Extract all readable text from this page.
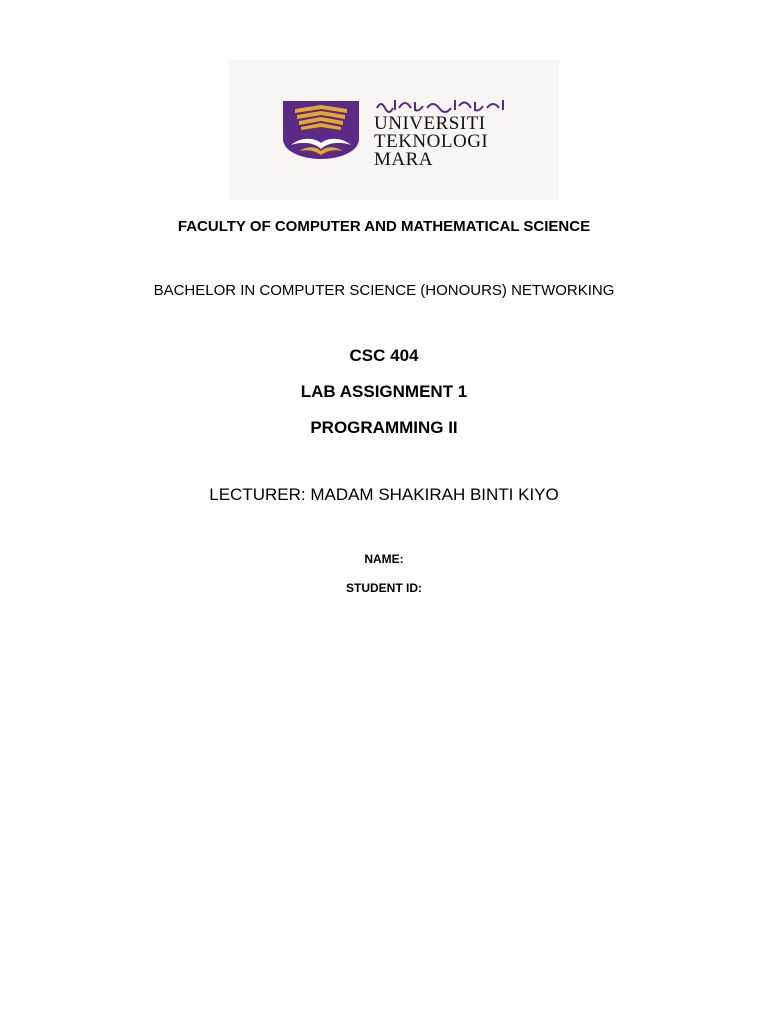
UNIVERSITI
TEKNOLOGI
MARA
FACULTY OF COMPUTER AND MATHEMATICAL SCIENCE
BACHELOR IN COMPUTER SCIENCE (HONOURS) NETWORKING
CSC 404
LAB ASSIGNMENT 1
PROGRAMMING II
LECTURER: MADAM SHAKIRAH BINTI KIYO
NAME:
STUDENT ID:
